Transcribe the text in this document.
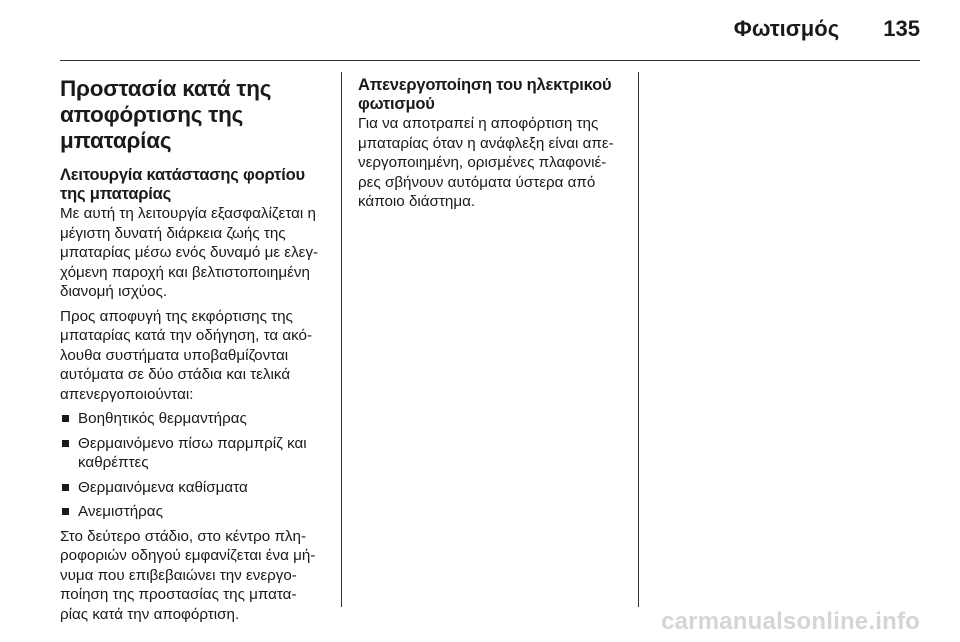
Φωτισμός 135
Προστασία κατά της αποφόρτισης της μπαταρίας
Λειτουργία κατάστασης φορτίου της μπαταρίας

Με αυτή τη λειτουργία εξασφαλίζεται η μέγιστη δυνατή διάρκεια ζωής της μπαταρίας μέσω ενός δυναμό με ελεγ- χόμενη παροχή και βελτιστοποιημένη διανομή ισχύος.

Προς αποφυγή της εκφόρτισης της μπαταρίας κατά την οδήγηση, τα ακό- λουθα συστήματα υποβαθμίζονται αυτόματα σε δύο στάδια και τελικά απενεργοποιούνται:

Βοηθητικός θερμαντήρας
Θερμαινόμενο πίσω παρμπρίζ και καθρέπτες
Θερμαινόμενα καθίσματα
Ανεμιστήρας

Στο δεύτερο στάδιο, στο κέντρο πλη- ροφοριών οδηγού εμφανίζεται ένα μή- νυμα που επιβεβαιώνει την ενεργο- ποίηση της προστασίας της μπατα- ρίας κατά την αποφόρτιση.

Απενεργοποίηση του ηλεκτρικού φωτισμού

Για να αποτραπεί η αποφόρτιση της μπαταρίας όταν η ανάφλεξη είναι απε- νεργοποιημένη, ορισμένες πλαφονιέ- ρες σβήνουν αυτόματα ύστερα από κάποιο διάστημα.

carmanualsonline.info
